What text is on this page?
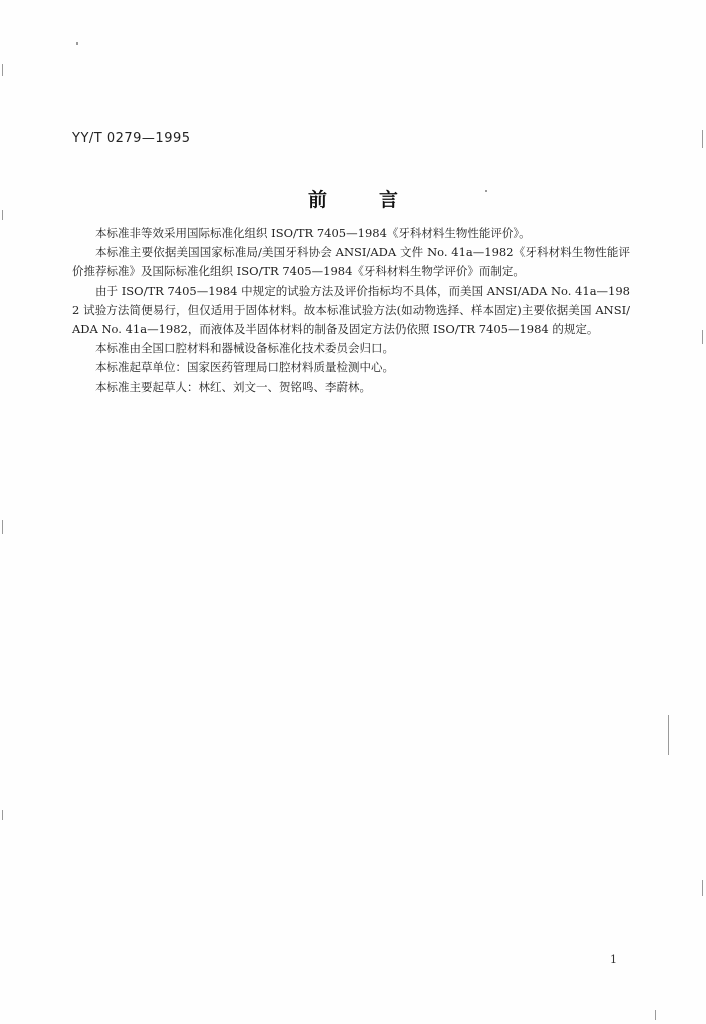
YY/T 0279—1995
前言

本标准非等效采用国际标准化组织 ISO/TR 7405—1984《牙科材料生物性能评价》。

本标准主要依据美国国家标准局/美国牙科协会 ANSI/ADA 文件 No. 41a—1982《牙科材料生物性能评价推荐标准》及国际标准化组织 ISO/TR 7405—1984《牙科材料生物学评价》而制定。

由于 ISO/TR 7405—1984 中规定的试验方法及评价指标均不具体，而美国 ANSI/ADA No. 41a—1982 试验方法简便易行，但仅适用于固体材料。故本标准试验方法(如动物选择、样本固定)主要依据美国 ANSI/ADA No. 41a—1982，而液体及半固体材料的制备及固定方法仍依照 ISO/TR 7405—1984 的规定。

本标准由全国口腔材料和器械设备标准化技术委员会归口。

本标准起草单位：国家医药管理局口腔材料质量检测中心。

本标准主要起草人：林红、刘文一、贺铭鸣、李蔚林。

1
